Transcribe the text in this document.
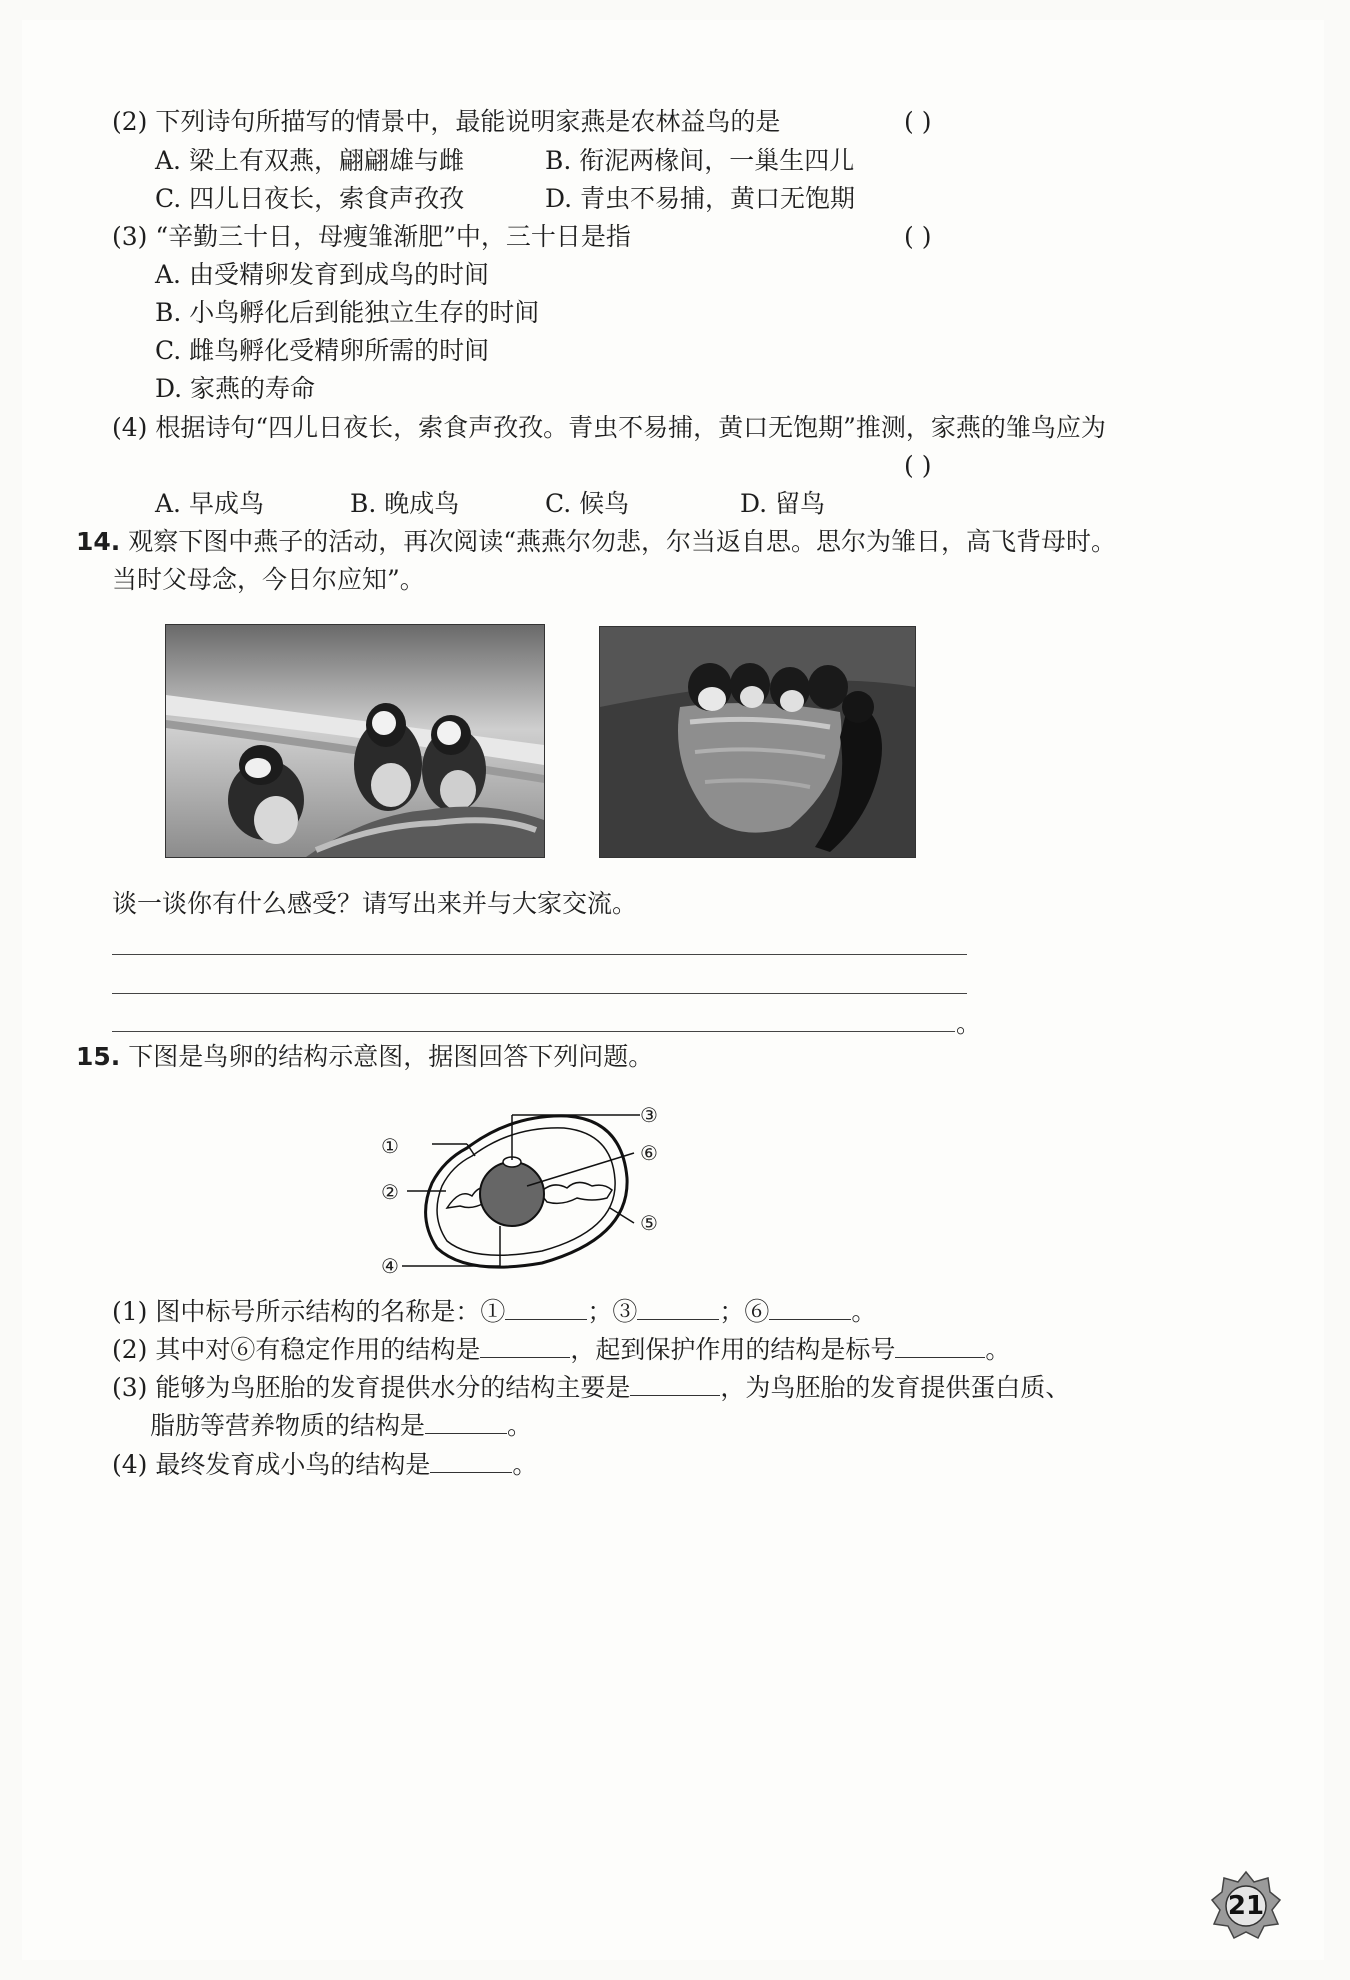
(2) 下列诗句所描写的情景中，最能说明家燕是农林益鸟的是	( )
A. 梁上有双燕，翩翩雄与雌	B. 衔泥两椽间，一巢生四儿
C. 四儿日夜长，索食声孜孜	D. 青虫不易捕，黄口无饱期
(3) “辛勤三十日，母瘦雏渐肥”中，三十日是指	( )
A. 由受精卵发育到成鸟的时间
B. 小鸟孵化后到能独立生存的时间
C. 雌鸟孵化受精卵所需的时间
D. 家燕的寿命
(4) 根据诗句“四儿日夜长，索食声孜孜。青虫不易捕，黄口无饱期”推测，家燕的雏鸟应为
( )
A. 早成鸟	B. 晚成鸟	C. 候鸟	D. 留鸟
14. 观察下图中燕子的活动，再次阅读“燕燕尔勿悲，尔当返自思。思尔为雏日，高飞背母时。
当时父母念，今日尔应知”。
谈一谈你有什么感受？请写出来并与大家交流。
。
15. 下图是鸟卵的结构示意图，据图回答下列问题。
①
②
③
④
⑤
⑥
(1) 图中标号所示结构的名称是：①	；③	；⑥	。
(2) 其中对⑥有稳定作用的结构是	，起到保护作用的结构是标号	。
(3) 能够为鸟胚胎的发育提供水分的结构主要是	，为鸟胚胎的发育提供蛋白质、
脂肪等营养物质的结构是	。
(4) 最终发育成小鸟的结构是	。
21
